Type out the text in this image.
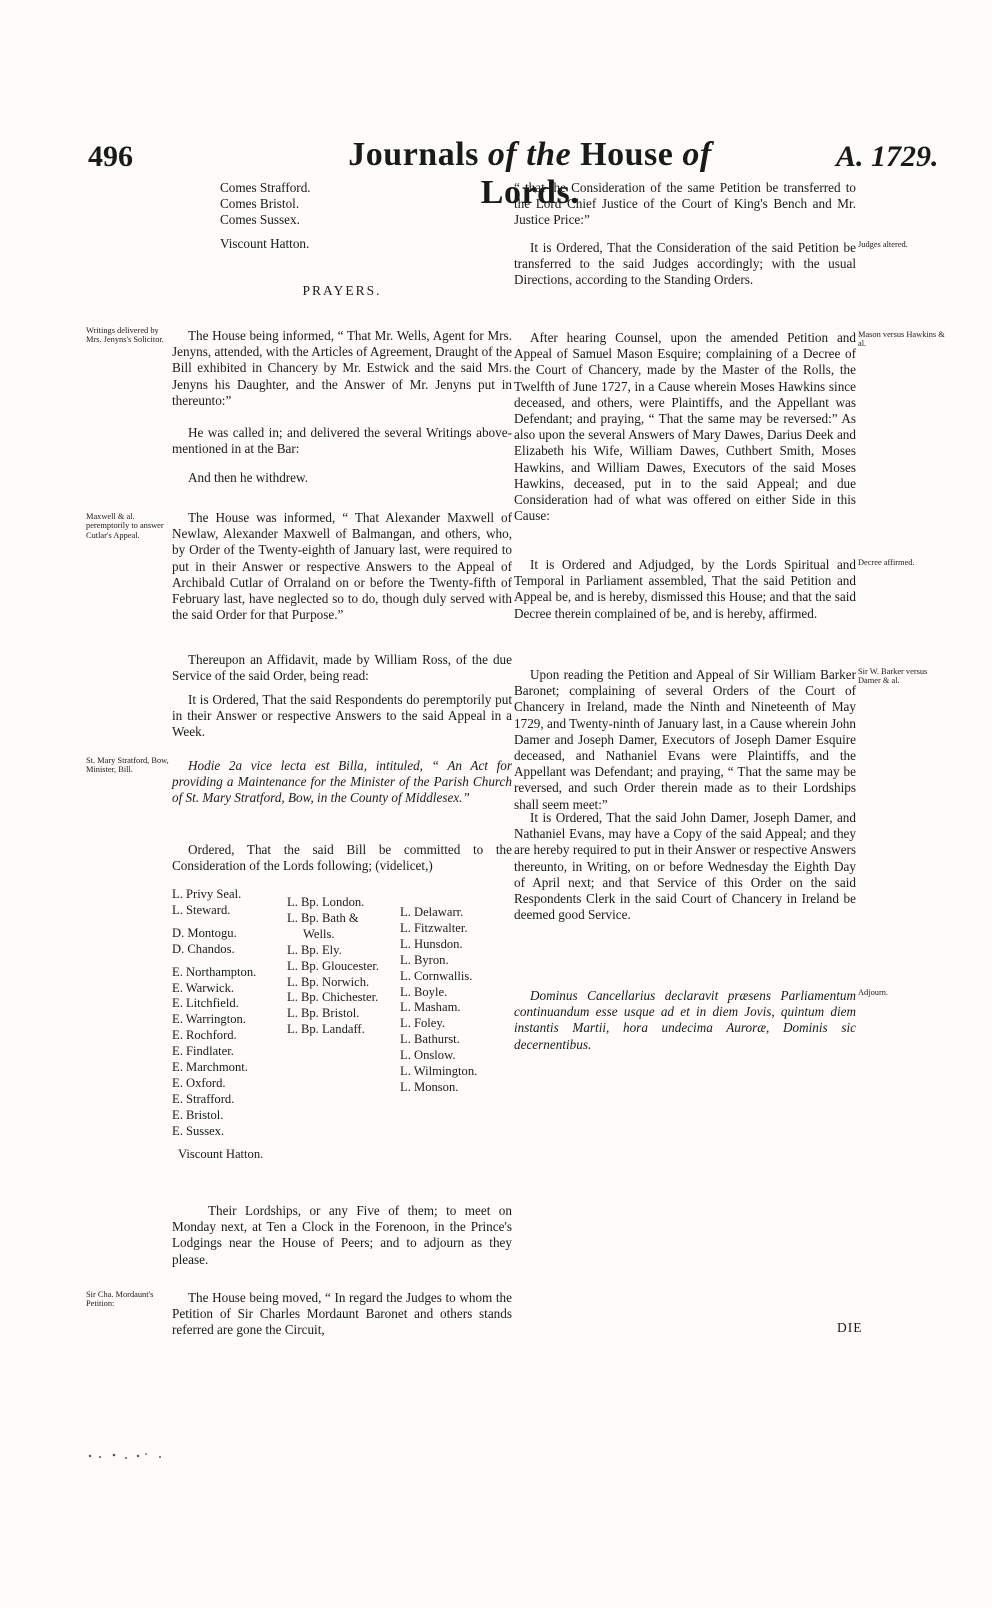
496	Journals of the House of Lords.
A. 1729.
Comes Strafford.
Comes Bristol.
Comes Sussex.
Viscount Hatton.

PRAYERS.

The House being informed, “ That Mr. Wells, Agent for Mrs. Jenyns, attended, with the Articles of Agreement, Draught of the Bill exhibited in Chancery by Mr. Estwick and the said Mrs. Jenyns his Daughter, and the Answer of Mr. Jenyns put in thereunto:”

He was called in; and delivered the several Writings above-mentioned in at the Bar:

And then he withdrew.

The House was informed, “ That Alexander Maxwell of Newlaw, Alexander Maxwell of Balmangan, and others, who, by Order of the Twenty-eighth of January last, were required to put in their Answer or respective Answers to the Appeal of Archibald Cutlar of Orraland on or before the Twenty-fifth of February last, have neglected so to do, though duly served with the said Order for that Purpose.”

Thereupon an Affidavit, made by William Ross, of the due Service of the said Order, being read:

It is Ordered, That the said Respondents do peremptorily put in their Answer or respective Answers to the said Appeal in a Week.

Hodie 2a vice lecta est Billa, intituled, “ An Act for providing a Maintenance for the Minister of the Parish Church of St. Mary Stratford, Bow, in the County of Middlesex.”

Ordered, That the said Bill be committed to the Consideration of the Lords following; (videlicet,)

L. Privy Seal.
L. Steward.
D. Montogu.
D. Chandos.
E. Northampton.
E. Warwick.
E. Litchfield.
E. Warrington.
E. Rochford.
E. Findlater.
E. Marchmont.
E. Oxford.
E. Strafford.
E. Bristol.
E. Sussex.
Viscount Hatton.
L. Bp. London.
L. Bp. Bath &
Wells.
L. Bp. Ely.
L. Bp. Gloucester.
L. Bp. Norwich.
L. Bp. Chichester.
L. Bp. Bristol.
L. Bp. Landaff.
L. Delawarr.
L. Fitzwalter.
L. Hunsdon.
L. Byron.
L. Cornwallis.
L. Boyle.
L. Masham.
L. Foley.
L. Bathurst.
L. Onslow.
L. Wilmington.
L. Monson.

Their Lordships, or any Five of them; to meet on Monday next, at Ten a Clock in the Forenoon, in the Prince's Lodgings near the House of Peers; and to adjourn as they please.

The House being moved, “ In regard the Judges to whom the Petition of Sir Charles Mordaunt Baronet and others stands referred are gone the Circuit,

“ that the Consideration of the same Petition be transferred to the Lord Chief Justice of the Court of King's Bench and Mr. Justice Price:”

It is Ordered, That the Consideration of the said Petition be transferred to the said Judges accordingly; with the usual Directions, according to the Standing Orders.

After hearing Counsel, upon the amended Petition and Appeal of Samuel Mason Esquire; complaining of a Decree of the Court of Chancery, made by the Master of the Rolls, the Twelfth of June 1727, in a Cause wherein Moses Hawkins since deceased, and others, were Plaintiffs, and the Appellant was Defendant; and praying, “ That the same may be reversed:” As also upon the several Answers of Mary Dawes, Darius Deek and Elizabeth his Wife, William Dawes, Cuthbert Smith, Moses Hawkins, and William Dawes, Executors of the said Moses Hawkins, deceased, put in to the said Appeal; and due Consideration had of what was offered on either Side in this Cause:

It is Ordered and Adjudged, by the Lords Spiritual and Temporal in Parliament assembled, That the said Petition and Appeal be, and is hereby, dismissed this House; and that the said Decree therein complained of be, and is hereby, affirmed.

Upon reading the Petition and Appeal of Sir William Barker Baronet; complaining of several Orders of the Court of Chancery in Ireland, made the Ninth and Nineteenth of May 1729, and Twenty-ninth of January last, in a Cause wherein John Damer and Joseph Damer, Executors of Joseph Damer Esquire deceased, and Nathaniel Evans were Plaintiffs, and the Appellant was Defendant; and praying, “ That the same may be reversed, and such Order therein made as to their Lordships shall seem meet:”

It is Ordered, That the said John Damer, Joseph Damer, and Nathaniel Evans, may have a Copy of the said Appeal; and they are hereby required to put in their Answer or respective Answers thereunto, in Writing, on or before Wednesday the Eighth Day of April next; and that Service of this Order on the said Respondents Clerk in the said Court of Chancery in Ireland be deemed good Service.

Dominus Cancellarius declaravit præsens Parliamentum continuandum esse usque ad et in diem Jovis, quintum diem instantis Martii, hora undecima Auroræ, Dominis sic decernentibus.

Writings delivered by Mrs. Jenyns's Solicitor.
Maxwell & al. peremptorily to answer Cutlar's Appeal.
St. Mary Stratford, Bow, Minister, Bill.
Sir Cha. Mordaunt's Petition:
Judges altered.
Mason versus Hawkins & al.
Decree affirmed.
Sir W. Barker versus Damer & al.
Adjourn.
DIE
